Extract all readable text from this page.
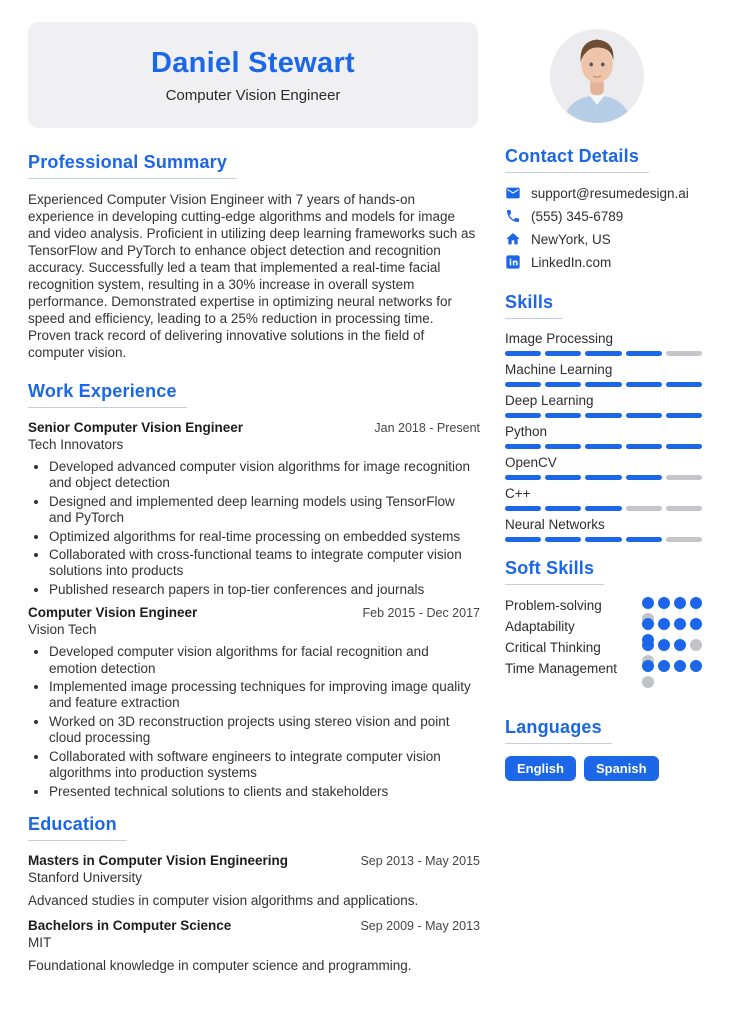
Daniel Stewart
Computer Vision Engineer
Professional Summary

Experienced Computer Vision Engineer with 7 years of hands-on experience in developing cutting-edge algorithms and models for image and video analysis. Proficient in utilizing deep learning frameworks such as TensorFlow and PyTorch to enhance object detection and recognition accuracy. Successfully led a team that implemented a real-time facial recognition system, resulting in a 30% increase in overall system performance. Demonstrated expertise in optimizing neural networks for speed and efficiency, leading to a 25% reduction in processing time. Proven track record of delivering innovative solutions in the field of computer vision.

Work Experience
Senior Computer Vision Engineer	Jan 2018 - Present
Tech Innovators
• Developed advanced computer vision algorithms for image recognition and object detection
• Designed and implemented deep learning models using TensorFlow and PyTorch
• Optimized algorithms for real-time processing on embedded systems
• Collaborated with cross-functional teams to integrate computer vision solutions into products
• Published research papers in top-tier conferences and journals
Computer Vision Engineer	Feb 2015 - Dec 2017
Vision Tech
• Developed computer vision algorithms for facial recognition and emotion detection
• Implemented image processing techniques for improving image quality and feature extraction
• Worked on 3D reconstruction projects using stereo vision and point cloud processing
• Collaborated with software engineers to integrate computer vision algorithms into production systems
• Presented technical solutions to clients and stakeholders
Education
Masters in Computer Vision Engineering	Sep 2013 - May 2015
Stanford University

Advanced studies in computer vision algorithms and applications.

Bachelors in Computer Science	Sep 2009 - May 2013
MIT

Foundational knowledge in computer science and programming.

Contact Details
support@resumedesign.ai
(555) 345-6789
NewYork, US
LinkedIn.com
Skills
Image Processing
Machine Learning
Deep Learning
Python
OpenCV
C++
Neural Networks
Soft Skills
Problem-solving
Adaptability
Critical Thinking
Time Management
Languages
English	Spanish
